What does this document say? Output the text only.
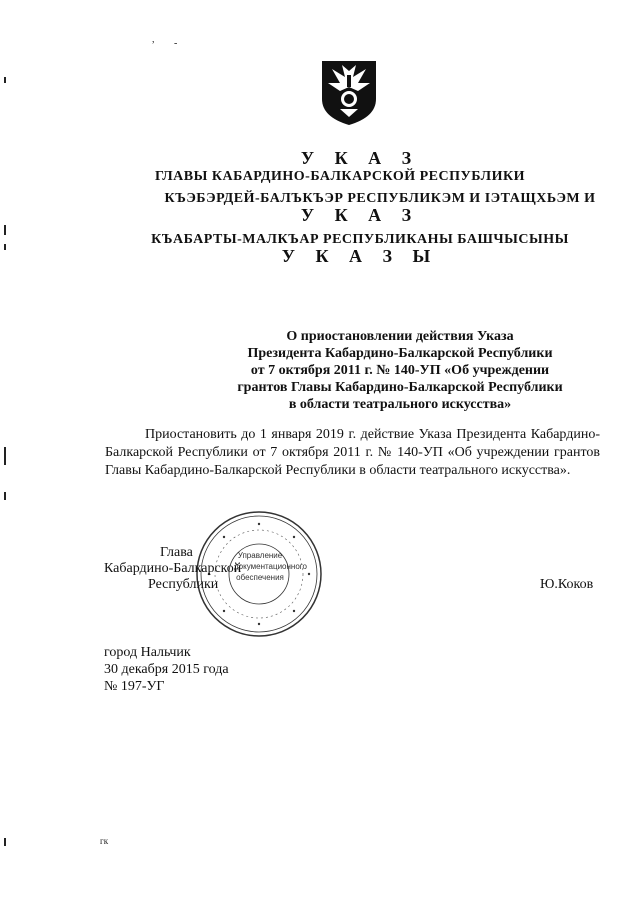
, -
У К А З
ГЛАВЫ КАБАРДИНО-БАЛКАРСКОЙ РЕСПУБЛИКИ
КЪЭБЭРДЕЙ-БАЛЪКЪЭР РЕСПУБЛИКЭМ И ІЭТАЩХЬЭМ И
У К А З
КЪАБАРТЫ-МАЛКЪАР РЕСПУБЛИКАНЫ БАШЧЫСЫНЫ
У К А З Ы
О приостановлении действия Указа
Президента Кабардино-Балкарской Республики
от 7 октября 2011 г. № 140-УП «Об учреждении
грантов Главы Кабардино-Балкарской Республики
в области театрального искусства»
Приостановить до 1 января 2019 г. действие Указа Президента Кабардино-Балкарской Республики от 7 октября 2011 г. № 140-УП «Об учреждении грантов Главы Кабардино-Балкарской Республики в области театрального искусства».
Управление документационного обеспечения
Глава
Кабардино-Балкарской
Республики	Ю.Коков
город Нальчик
30 декабря 2015 года
№ 197-УГ
гк
